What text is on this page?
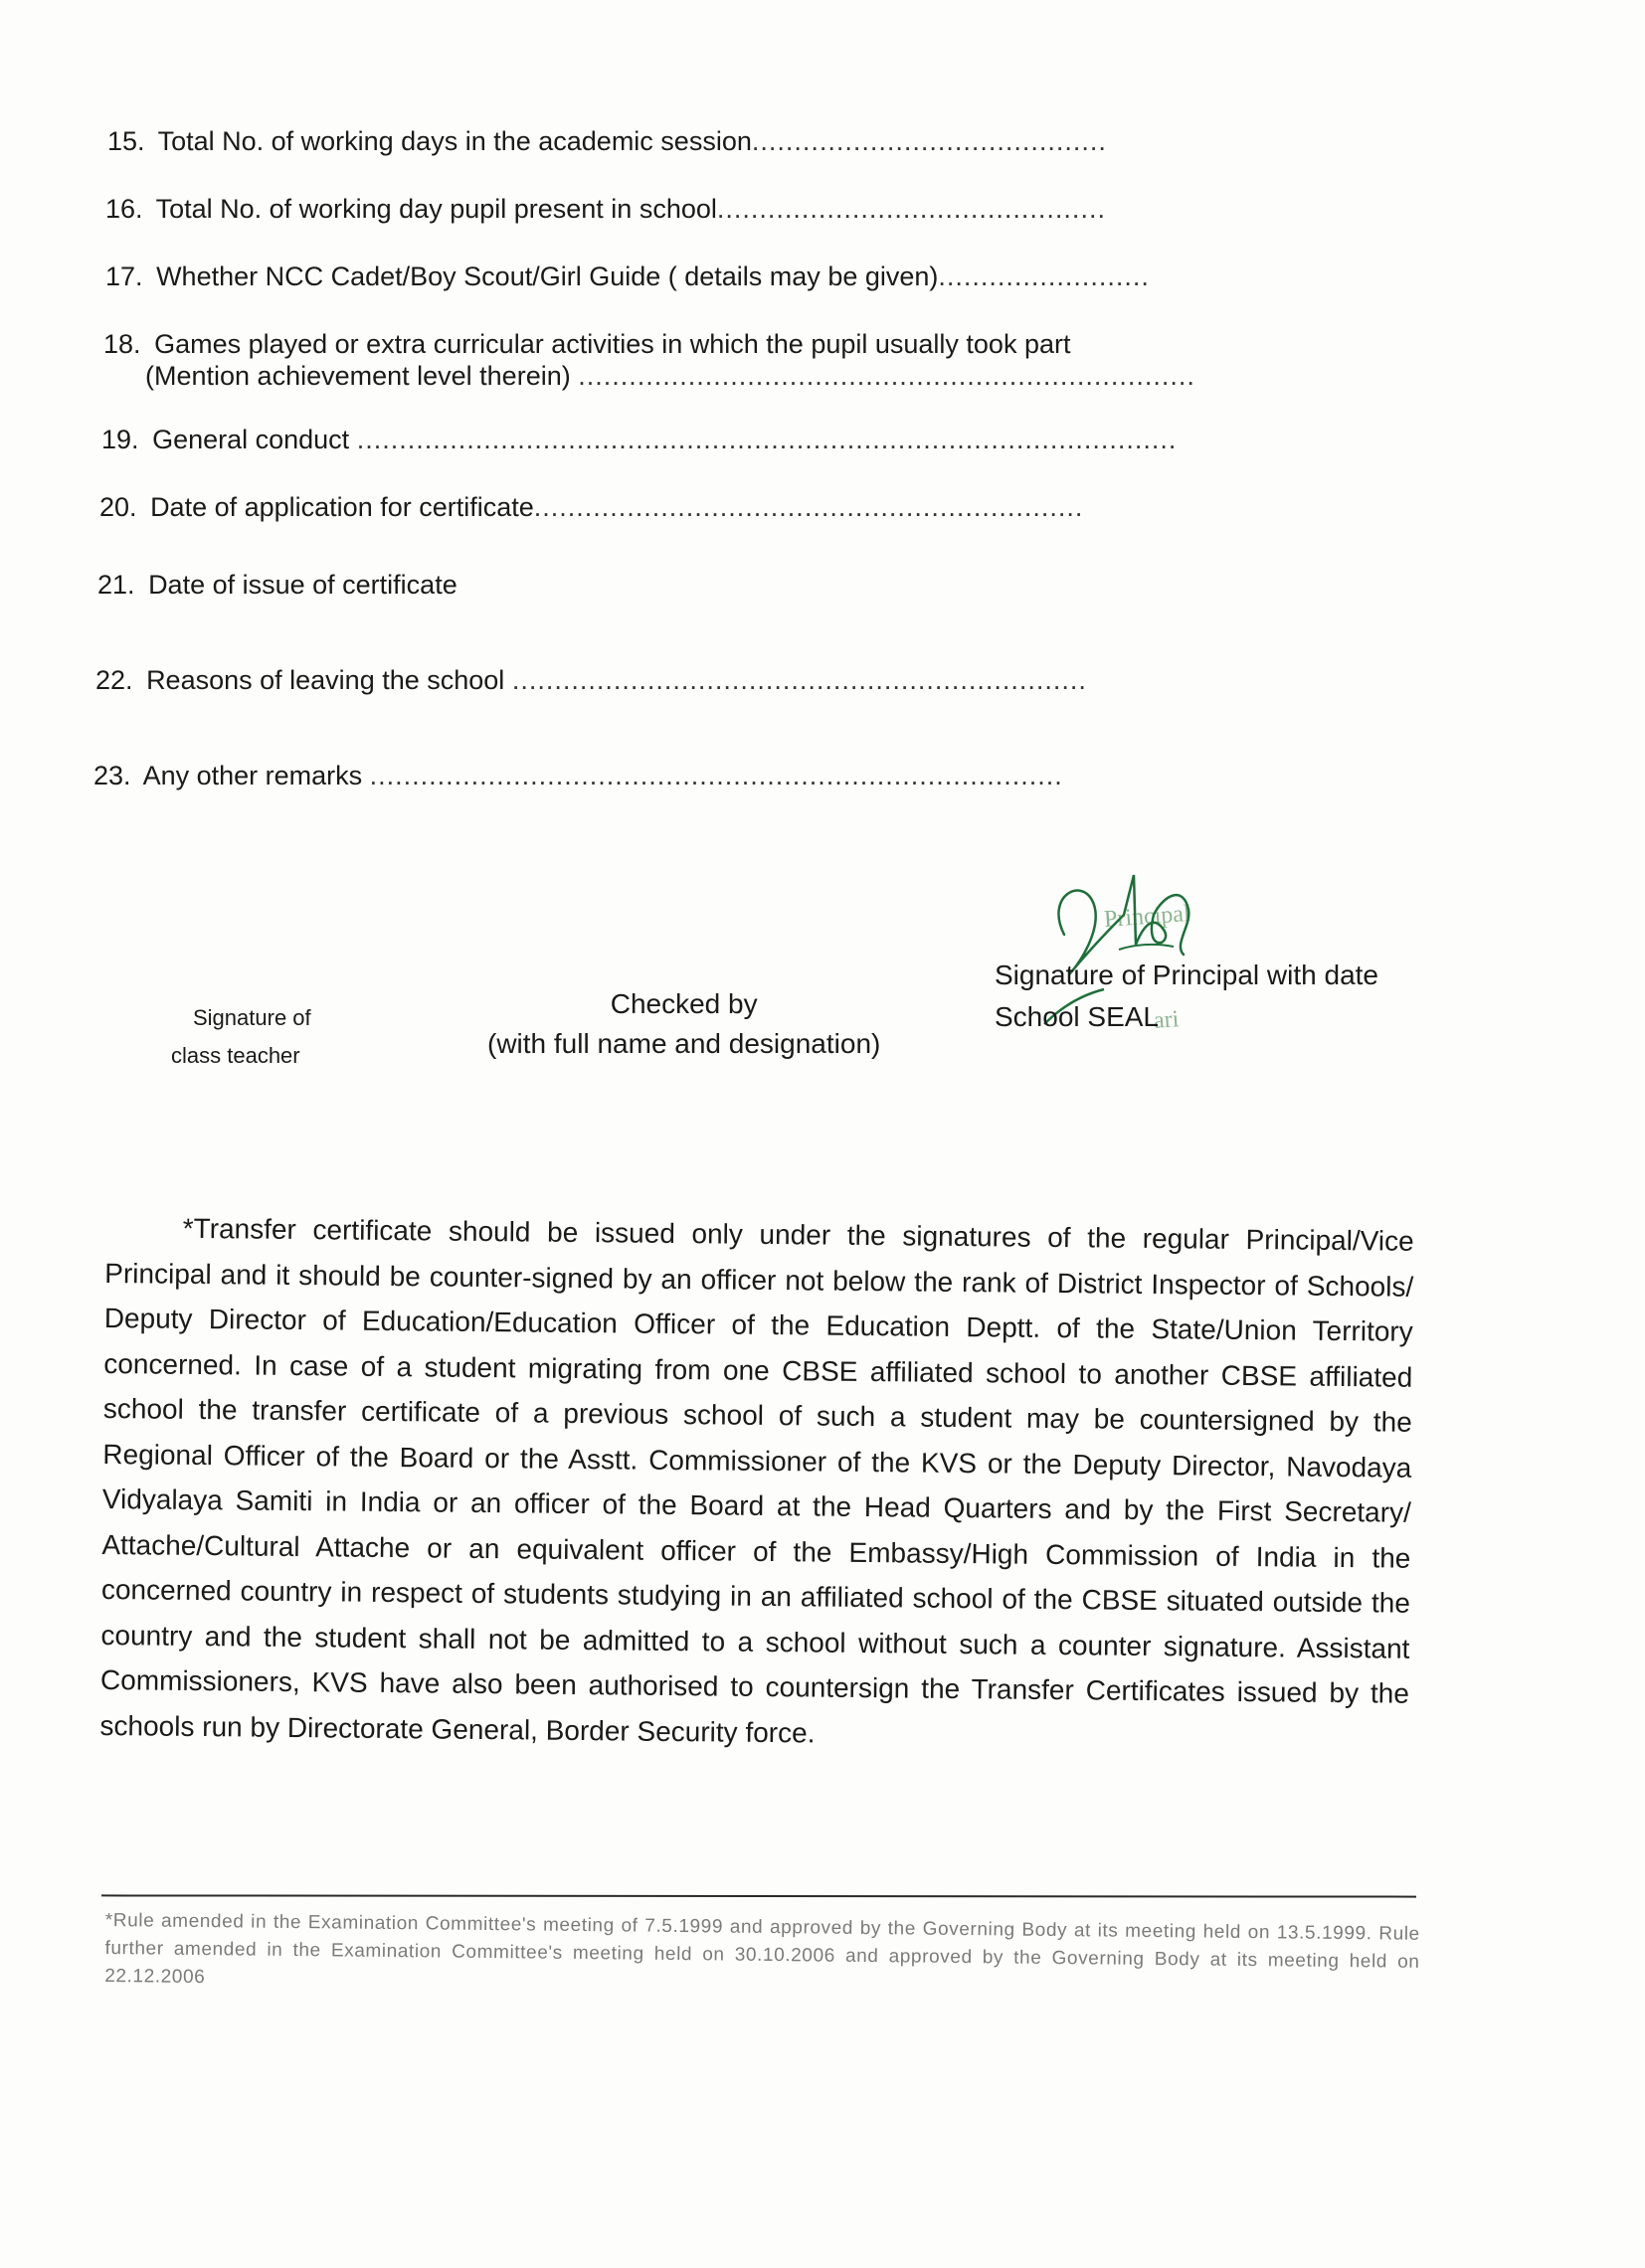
15. Total No. of working days in the academic session..........................................
16. Total No. of working day pupil present in school..............................................
17. Whether NCC Cadet/Boy Scout/Girl Guide ( details may be given).........................
18. Games played or extra curricular activities in which the pupil usually took part
(Mention achievement level therein) .........................................................................
19. General conduct .................................................................................................
20. Date of application for certificate.................................................................
21. Date of issue of certificate
22. Reasons of leaving the school ....................................................................
23. Any other remarks ..................................................................................
Principal
ari
Signature of
class teacher
Checked by
(with full name and designation)
Signature of Principal with date
School SEAL
*Transfer certificate should be issued only under the signatures of the regular Principal/Vice Principal and it should be counter-signed by an officer not below the rank of District Inspector of Schools/ Deputy Director of Education/Education Officer of the Education Deptt. of the State/Union Territory concerned. In case of a student migrating from one CBSE affiliated school to another CBSE affiliated school the transfer certificate of a previous school of such a student may be countersigned by the Regional Officer of the Board or the Asstt. Commissioner of the KVS or the Deputy Director, Navodaya Vidyalaya Samiti in India or an officer of the Board at the Head Quarters and by the First Secretary/ Attache/Cultural Attache or an equivalent officer of the Embassy/High Commission of India in the concerned country in respect of students studying in an affiliated school of the CBSE situated outside the country and the student shall not be admitted to a school without such a counter signature. Assistant Commissioners, KVS have also been authorised to countersign the Transfer Certificates issued by the schools run by Directorate General, Border Security force.
*Rule amended in the Examination Committee's meeting of 7.5.1999 and approved by the Governing Body at its meeting held on 13.5.1999. Rule further amended in the Examination Committee's meeting held on 30.10.2006 and approved by the Governing Body at its meeting held on 22.12.2006
